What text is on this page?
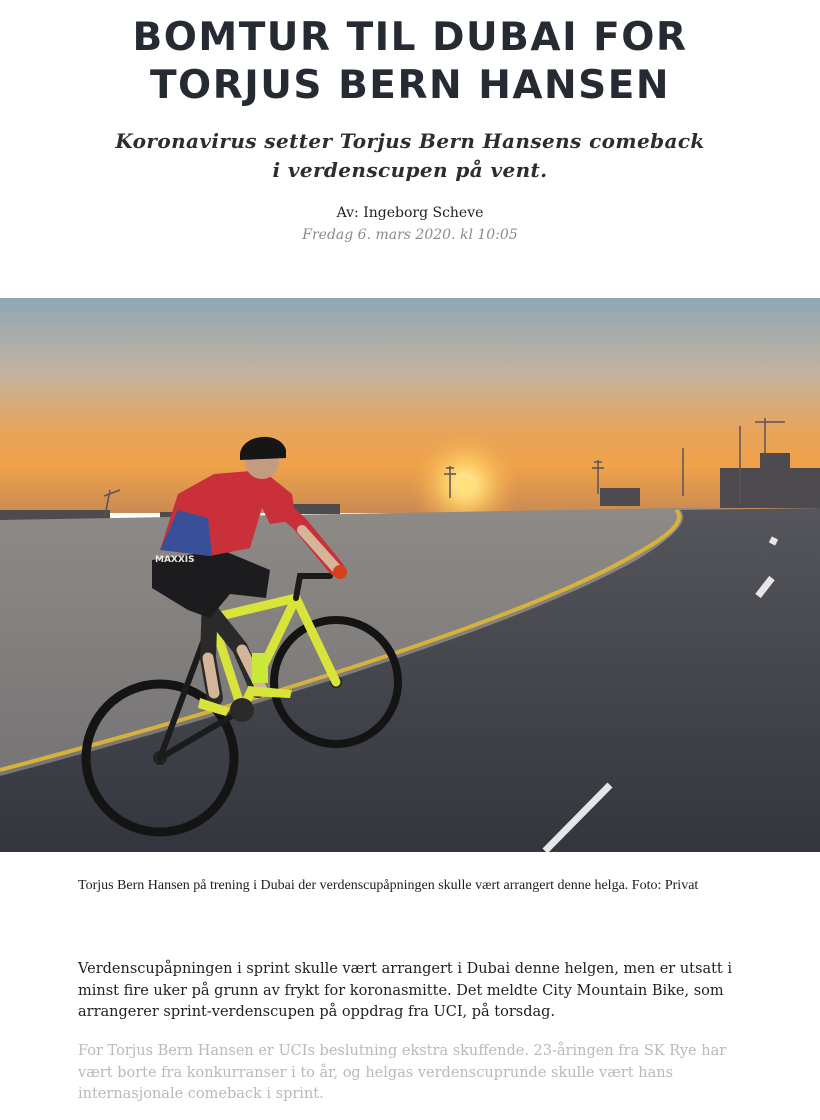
BOMTUR TIL DUBAI FOR
TORJUS BERN HANSEN

Koronavirus setter Torjus Bern Hansens comeback i verdenscupen på vent.

Av: Ingeborg Scheve
Fredag 6. mars 2020. kl 10:05
MAXXIS

Torjus Bern Hansen på trening i Dubai der verdenscupåpningen skulle vært arrangert denne helga. Foto: Privat

Verdenscupåpningen i sprint skulle vært arrangert i Dubai denne helgen, men er utsatt i minst fire uker på grunn av frykt for koronasmitte. Det meldte City Mountain Bike, som arrangerer sprint-verdenscupen på oppdrag fra UCI, på torsdag.

For Torjus Bern Hansen er UCIs beslutning ekstra skuffende. 23-åringen fra SK Rye har vært borte fra konkurranser i to år, og helgas verdenscuprunde skulle vært hans internasjonale comeback i sprint.
